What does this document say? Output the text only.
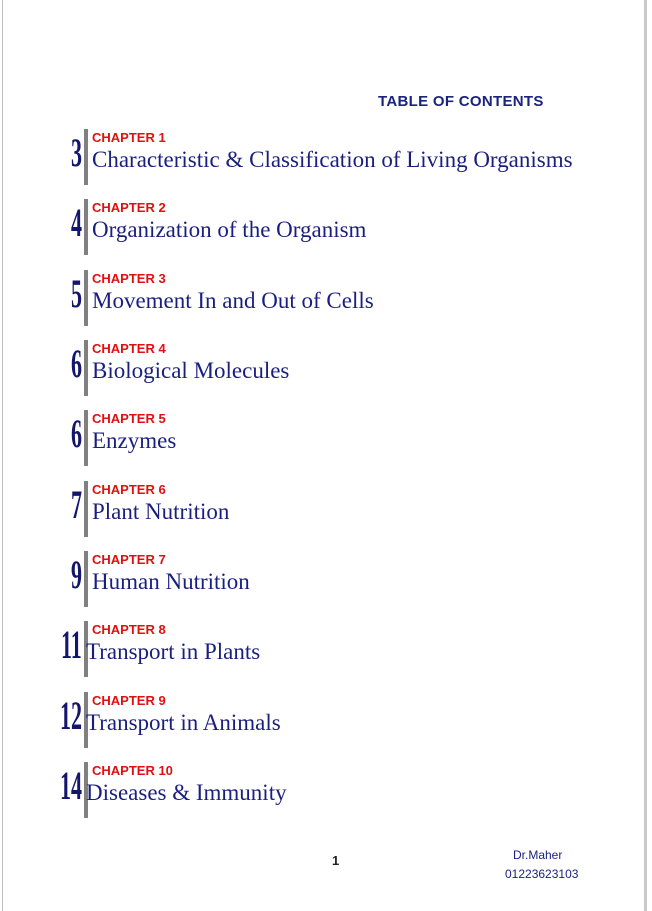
TABLE OF CONTENTS
3 CHAPTER 1
Characteristic & Classification of Living Organisms
4 CHAPTER 2
Organization of the Organism
5 CHAPTER 3
Movement In and Out of Cells
6 CHAPTER 4
Biological Molecules
6 CHAPTER 5
Enzymes
7 CHAPTER 6
Plant Nutrition
9 CHAPTER 7
Human Nutrition
11 CHAPTER 8
Transport in Plants
12 CHAPTER 9
Transport in Animals
14 CHAPTER 10
Diseases & Immunity
1	Dr.Maher
01223623103
